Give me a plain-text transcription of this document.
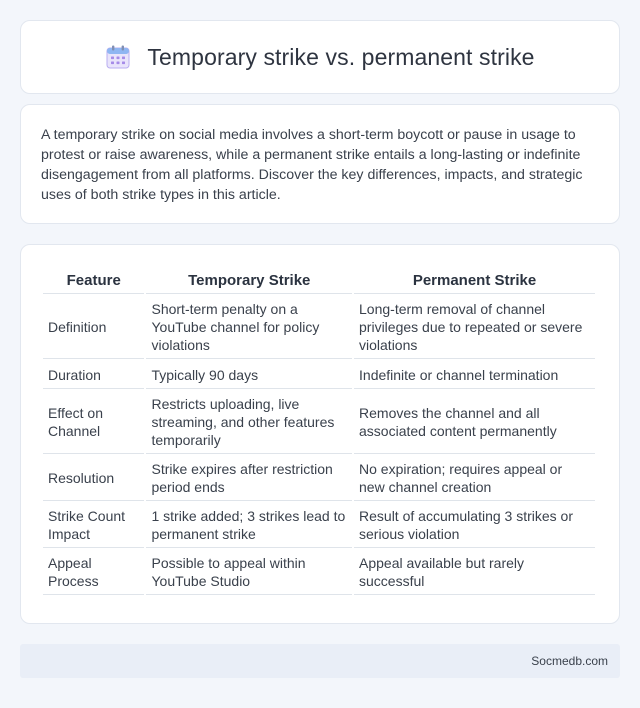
Temporary strike vs. permanent strike

A temporary strike on social media involves a short-term boycott or pause in usage to protest or raise awareness, while a permanent strike entails a long-lasting or indefinite disengagement from all platforms. Discover the key differences, impacts, and strategic uses of both strike types in this article.

Feature	Temporary Strike	Permanent Strike
Definition	Short-term penalty on a YouTube channel for policy violations	Long-term removal of channel privileges due to repeated or severe violations
Duration	Typically 90 days	Indefinite or channel termination
Effect on Channel	Restricts uploading, live streaming, and other features temporarily	Removes the channel and all associated content permanently
Resolution	Strike expires after restriction period ends	No expiration; requires appeal or new channel creation
Strike Count Impact	1 strike added; 3 strikes lead to permanent strike	Result of accumulating 3 strikes or serious violation
Appeal Process	Possible to appeal within YouTube Studio	Appeal available but rarely successful
Socmedb.com
